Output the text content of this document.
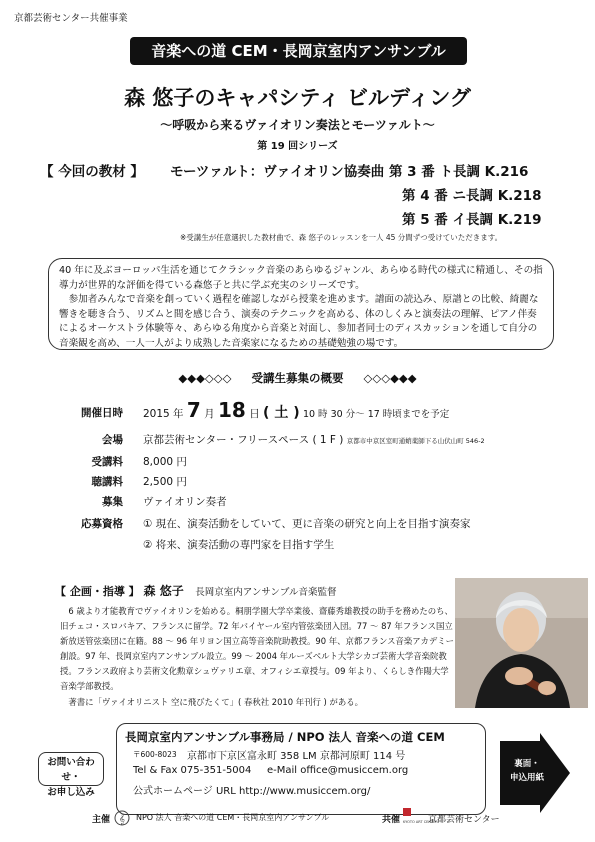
京都芸術センター共催事業
音楽への道 CEM・長岡京室内アンサンブル
森 悠子のキャパシティ ビルディング
～呼吸から来るヴァイオリン奏法とモーツァルト～
第 19 回シリーズ
【 今回の教材 】 モーツァルト：ヴァイオリン協奏曲 第 3 番 ト長調 K.216
第 4 番 ニ長調 K.218
第 5 番 イ長調 K.219
※受講生が任意選択した教材曲で、森 悠子のレッスンを一人 45 分間ずつ受けていただきます。

40 年に及ぶヨーロッパ生活を通じてクラシック音楽のあらゆるジャンル、あらゆる時代の様式に精通し、その指導力が世界的な評価を得ている森悠子と共に学ぶ充実のシリーズです。

参加者みんなで音楽を創っていく過程を確認しながら授業を進めます。譜面の読込み、原譜との比較、綺麗な響きを聴き合う、リズムと間を感じ合う、演奏のテクニックを高める、体のしくみと演奏法の理解、ピアノ伴奏によるオーケストラ体験等々、あらゆる角度から音楽と対面し、参加者同士のディスカッションを通して自分の音楽観を高め、一人一人がより成熟した音楽家になるための基礎勉強の場です。

◆◆◆◇◇◇ 受講生募集の概要 ◇◇◇◆◆◆
開催日時 2015 年 7 月 18 日 ( 土 ) 10 時 30 分～ 17 時頃までを予定
会場 京都芸術センター・フリースペース ( 1 F ) 京都市中京区室町通蛸薬師下る山伏山町 546-2
受講料 8,000 円
聴講料 2,500 円
募集 ヴァイオリン奏者
応募資格 ① 現在、演奏活動をしていて、更に音楽の研究と向上を目指す演奏家
② 将来、演奏活動の専門家を目指す学生
【 企画・指導 】 森 悠子 長岡京室内アンサンブル音楽監督

6 歳より才能教育でヴァイオリンを始める。桐朋学園大学卒業後、齋藤秀雄教授の助手を務めたのち、旧チェコ・スロバキア、フランスに留学。72 年バイヤール室内管弦楽団入団。77 ～ 87 年フランス国立新放送管弦楽団に在籍。88 ～ 96 年リヨン国立高等音楽院助教授。90 年、京都フランス音楽アカデミー創設。97 年、長岡京室内アンサンブル設立。99 ～ 2004 年ルーズベルト大学シカゴ芸術大学音楽院教授。フランス政府より芸術文化勲章シュヴァリエ章、オフィシエ章授与。09 年より、くらしき作陽大学音楽学部教授。

著書に「ヴァイオリニスト 空に飛びたくて」( 春秋社 2010 年刊行 ) がある。

お問い合わせ・
お申し込み
長岡京室内アンサンブル事務局 / NPO 法人 音楽への道 CEM
〒600-8023 京都市下京区富永町 358 LM 京都河原町 114 号
Tel & Fax 075-351-5004 e-Mail office@musiccem.org
公式ホームページ URL http://www.musiccem.org/
裏面・
申込用紙
主催 𝄞 NPO 法人 音楽への道 CEM・長岡京室内アンサンブル	共催 KYOTO ART CENTER
京都芸術センター
